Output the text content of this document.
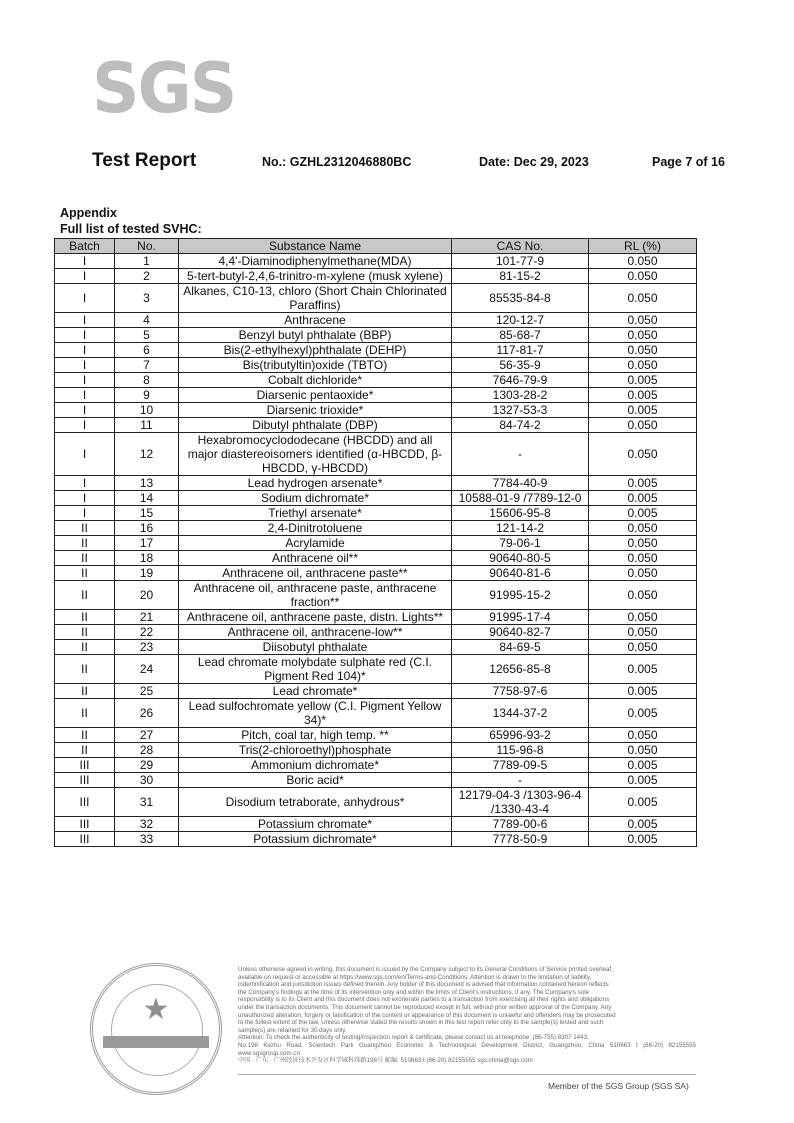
SGS
Test Report	No.: GZHL2312046880BC	Date: Dec 29, 2023	Page 7 of 16
Appendix
Full list of tested SVHC:
Batch	No.	Substance Name	CAS No.	RL (%)
I	1	4,4'-Diaminodiphenylmethane(MDA)	101-77-9	0.050
I	2	5-tert-butyl-2,4,6-trinitro-m-xylene (musk xylene)	81-15-2	0.050
I	3	Alkanes, C10-13, chloro (Short Chain Chlorinated Paraffins)	85535-84-8	0.050
I	4	Anthracene	120-12-7	0.050
I	5	Benzyl butyl phthalate (BBP)	85-68-7	0.050
I	6	Bis(2-ethylhexyl)phthalate (DEHP)	117-81-7	0.050
I	7	Bis(tributyltin)oxide (TBTO)	56-35-9	0.050
I	8	Cobalt dichloride*	7646-79-9	0.005
I	9	Diarsenic pentaoxide*	1303-28-2	0.005
I	10	Diarsenic trioxide*	1327-53-3	0.005
I	11	Dibutyl phthalate (DBP)	84-74-2	0.050
I	12	Hexabromocyclododecane (HBCDD) and all major diastereoisomers identified (α-HBCDD, β-HBCDD, γ-HBCDD)	-	0.050
I	13	Lead hydrogen arsenate*	7784-40-9	0.005
I	14	Sodium dichromate*	10588-01-9 /7789-12-0	0.005
I	15	Triethyl arsenate*	15606-95-8	0.005
II	16	2,4-Dinitrotoluene	121-14-2	0.050
II	17	Acrylamide	79-06-1	0.050
II	18	Anthracene oil**	90640-80-5	0.050
II	19	Anthracene oil, anthracene paste**	90640-81-6	0.050
II	20	Anthracene oil, anthracene paste, anthracene fraction**	91995-15-2	0.050
II	21	Anthracene oil, anthracene paste, distn. Lights**	91995-17-4	0.050
II	22	Anthracene oil, anthracene-low**	90640-82-7	0.050
II	23	Diisobutyl phthalate	84-69-5	0.050
II	24	Lead chromate molybdate sulphate red (C.I. Pigment Red 104)*	12656-85-8	0.005
II	25	Lead chromate*	7758-97-6	0.005
II	26	Lead sulfochromate yellow (C.I. Pigment Yellow 34)*	1344-37-2	0.005
II	27	Pitch, coal tar, high temp. **	65996-93-2	0.050
II	28	Tris(2-chloroethyl)phosphate	115-96-8	0.050
III	29	Ammonium dichromate*	7789-09-5	0.005
III	30	Boric acid*	-	0.005
III	31	Disodium tetraborate, anhydrous*	12179-04-3 /1303-96-4 /1330-43-4	0.005
III	32	Potassium chromate*	7789-00-6	0.005
III	33	Potassium dichromate*	7778-50-9	0.005
★
Unless otherwise agreed in writing, this document is issued by the Company subject to its General Conditions of Service printed overleaf,
available on request or accessible at https://www.sgs.com/en/Terms-and-Conditions. Attention is drawn to the limitation of liability,
indemnification and jurisdiction issues defined therein. Any holder of this document is advised that information contained hereon reflects
the Company's findings at the time of its intervention only and within the limits of Client's instructions, if any. The Company's sole
responsibility is to its Client and this document does not exonerate parties to a transaction from exercising all their rights and obligations
under the transaction documents. This document cannot be reproduced except in full, without prior written approval of the Company. Any
unauthorized alteration, forgery or falsification of the content or appearance of this document is unlawful and offenders may be prosecuted
to the fullest extent of the law. Unless otherwise stated the results shown in this test report refer only to the sample(s) tested and such
sample(s) are retained for 30 days only.
Attention: To check the authenticity of testing/inspection report & certificate, please contact us at telephone: (86-755) 8307 1443,
No.198 Kezhu Road, Scientech Park Guangzhou Economic & Technological Development District, Guangzhou, China 510663 t (86-20) 82155555 www.sgsgroup.com.cn
中国 · 广东 · 广州经济技术开发区科学城科珠路198号 邮编: 510663 t (86-20) 82155555 sgs.china@sgs.com
Member of the SGS Group (SGS SA)
